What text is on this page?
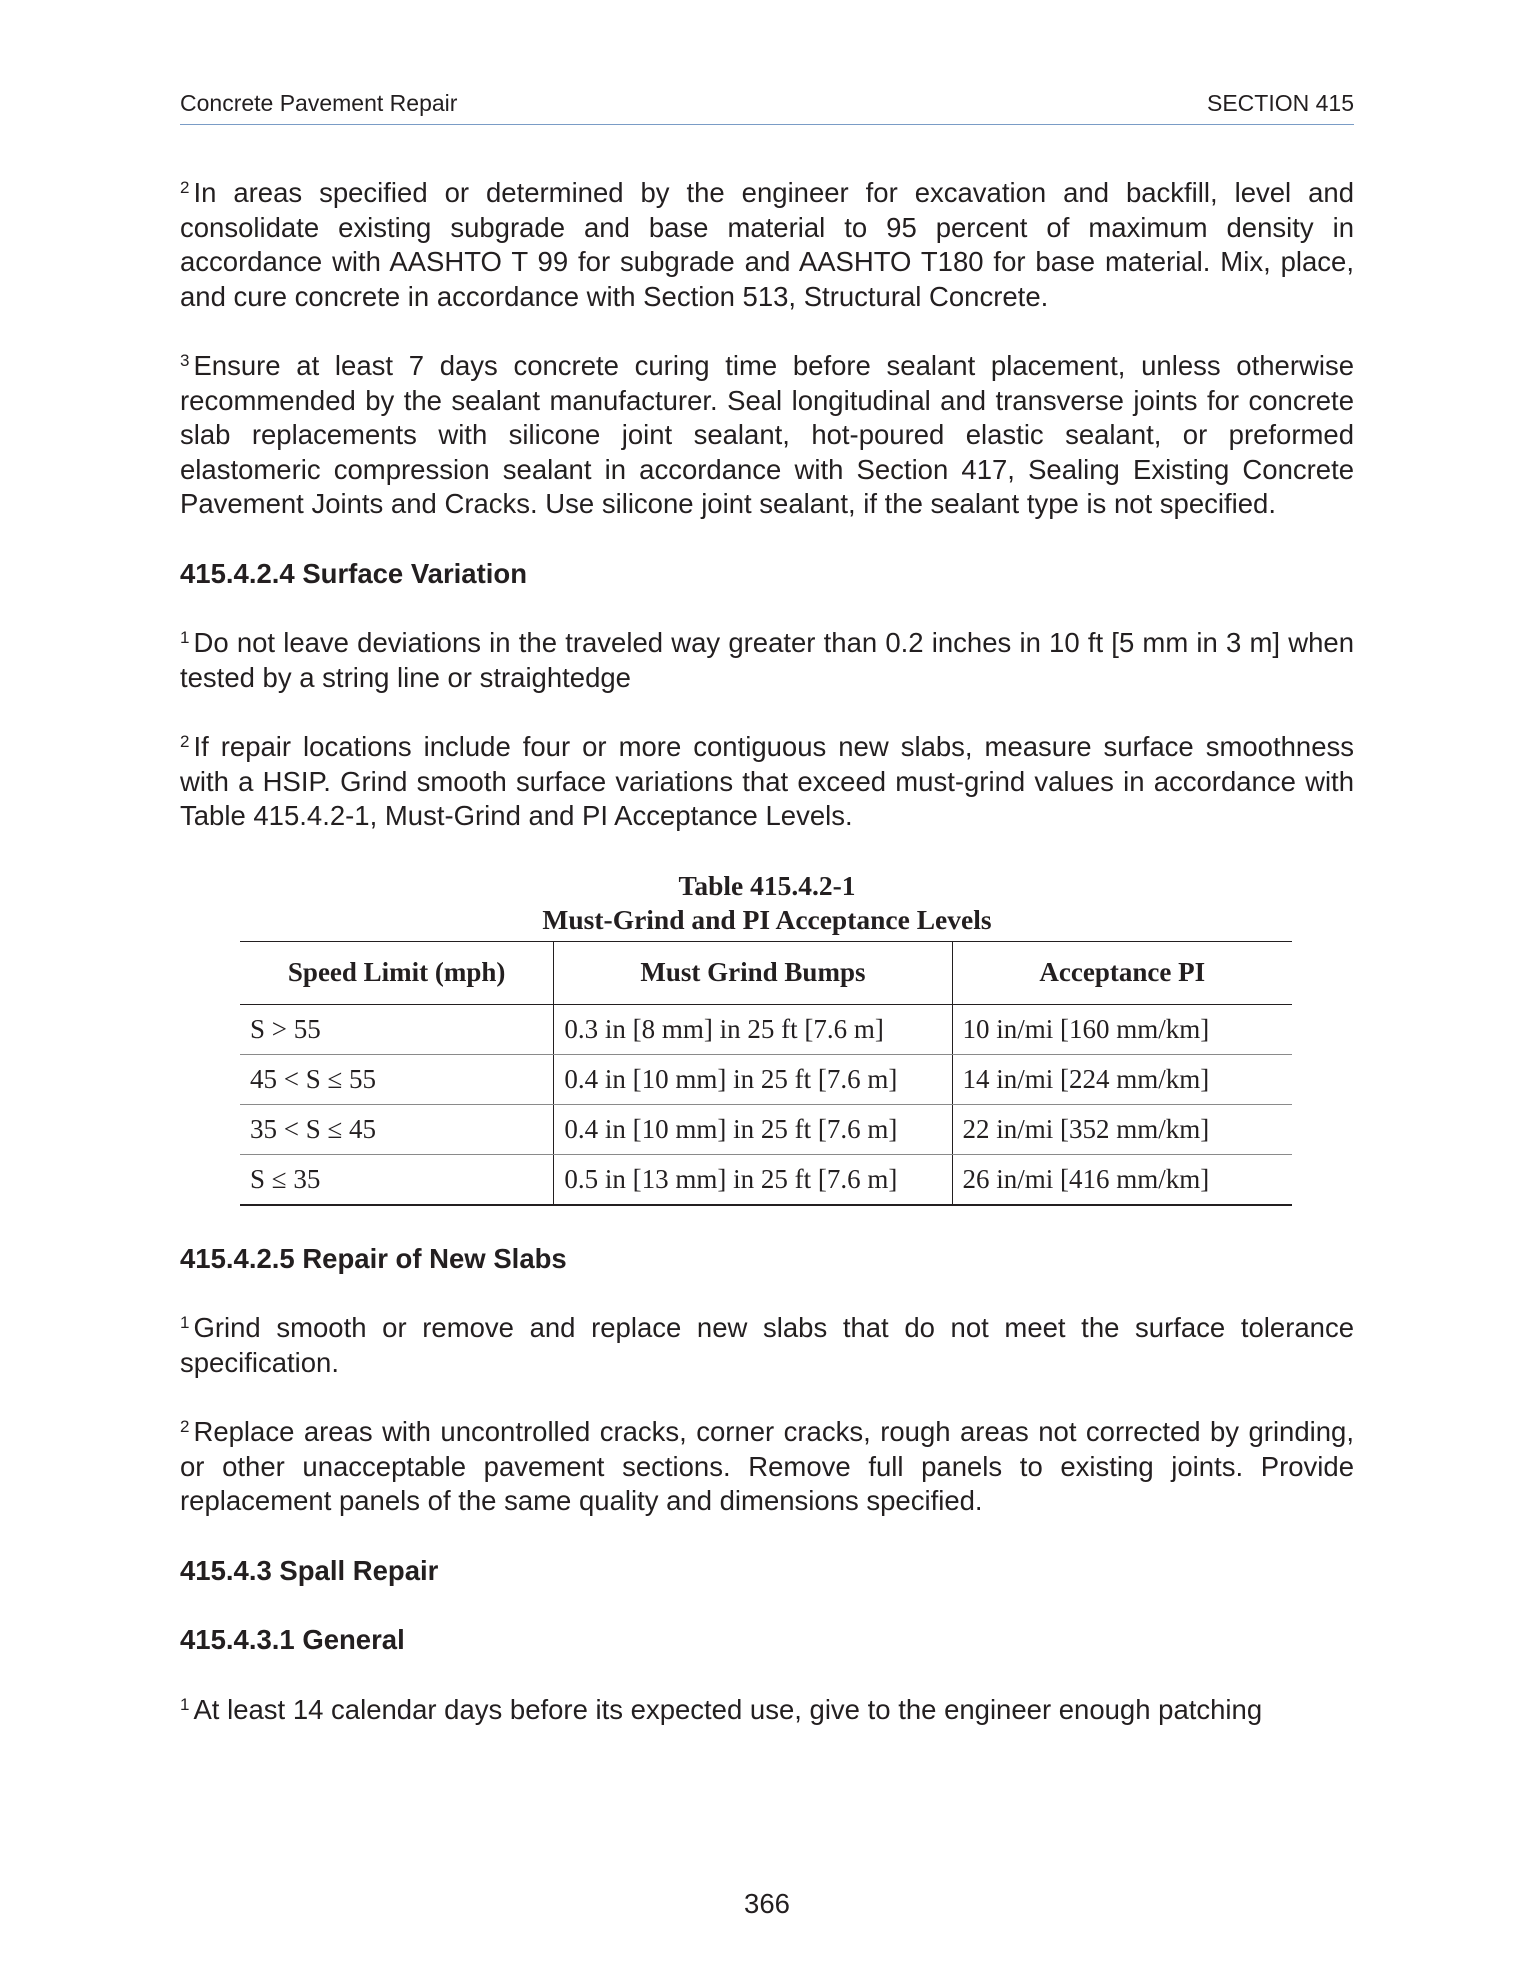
Concrete Pavement Repair	SECTION 415

$^2$ In areas specified or determined by the engineer for excavation and backfill, level and consolidate existing subgrade and base material to 95 percent of maximum density in accordance with AASHTO T 99 for subgrade and AASHTO T180 for base material. Mix, place, and cure concrete in accordance with Section 513, Structural Concrete.

$^3$ Ensure at least 7 days concrete curing time before sealant placement, unless otherwise recommended by the sealant manufacturer. Seal longitudinal and transverse joints for concrete slab replacements with silicone joint sealant, hot-poured elastic sealant, or preformed elastomeric compression sealant in accordance with Section 417, Sealing Existing Concrete Pavement Joints and Cracks. Use silicone joint sealant, if the sealant type is not specified.

415.4.2.4 Surface Variation

$^1$ Do not leave deviations in the traveled way greater than 0.2 inches in 10 ft [5 mm in 3 m] when tested by a string line or straightedge

$^2$ If repair locations include four or more contiguous new slabs, measure surface smoothness with a HSIP. Grind smooth surface variations that exceed must-grind values in accordance with Table 415.4.2-1, Must-Grind and PI Acceptance Levels.

Table 415.4.2-1
Must-Grind and PI Acceptance Levels
Speed Limit (mph)	Must Grind Bumps	Acceptance PI
S > 55	0.3 in [8 mm] in 25 ft [7.6 m]	10 in/mi [160 mm/km]
45 < S ≤ 55	0.4 in [10 mm] in 25 ft [7.6 m]	14 in/mi [224 mm/km]
35 < S ≤ 45	0.4 in [10 mm] in 25 ft [7.6 m]	22 in/mi [352 mm/km]
S ≤ 35	0.5 in [13 mm] in 25 ft [7.6 m]	26 in/mi [416 mm/km]
415.4.2.5 Repair of New Slabs

$^1$ Grind smooth or remove and replace new slabs that do not meet the surface tolerance specification.

$^2$ Replace areas with uncontrolled cracks, corner cracks, rough areas not corrected by grinding, or other unacceptable pavement sections. Remove full panels to existing joints. Provide replacement panels of the same quality and dimensions specified.

415.4.3 Spall Repair
415.4.3.1 General

$^1$ At least 14 calendar days before its expected use, give to the engineer enough patching

366
